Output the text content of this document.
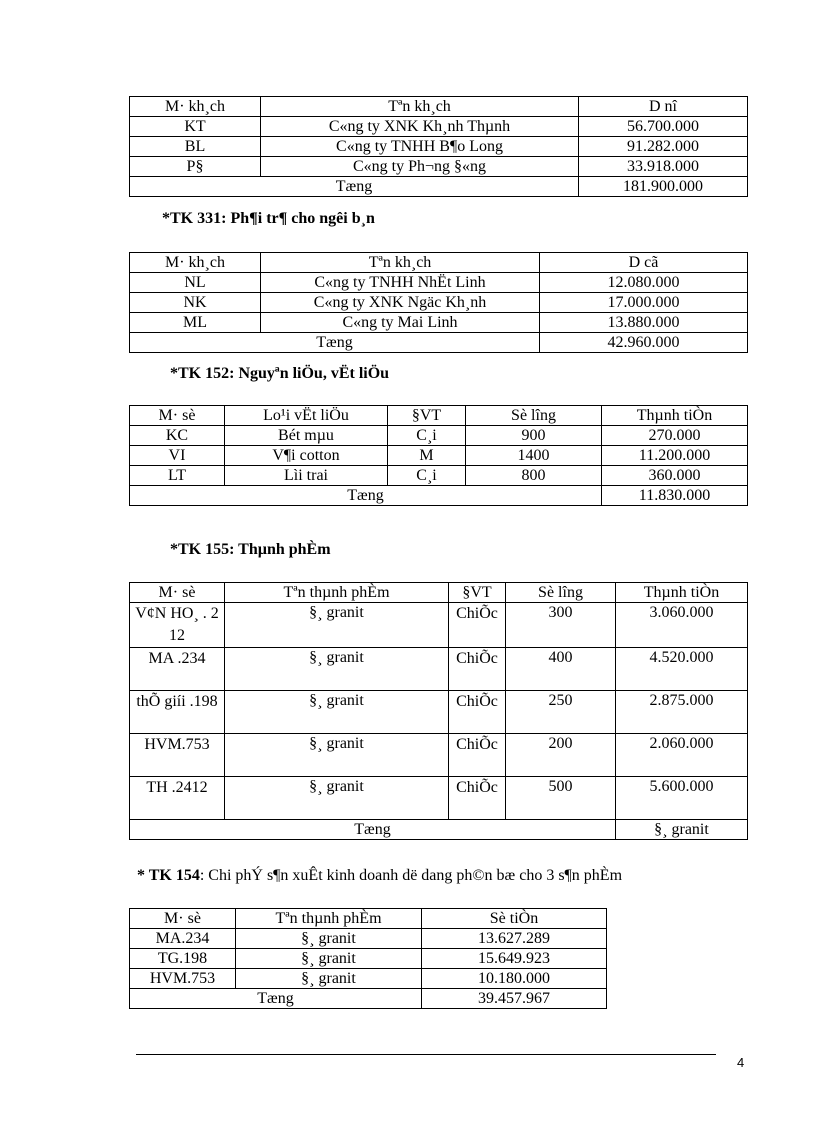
M· kh¸ch	Tªn kh¸ch	D nî
KT	C«ng ty XNK Kh¸nh Thµnh	56.700.000
BL	C«ng ty TNHH B¶o Long	91.282.000
P§	C«ng ty Ph¬ng §«ng	33.918.000
Tæng		181.900.000
*TK 331: Ph¶i tr¶ cho ngêi b¸n
M· kh¸ch	Tªn kh¸ch	D cã
NL	C«ng ty TNHH NhËt Linh	12.080.000
NK	C«ng ty XNK Ngäc Kh¸nh	17.000.000
ML	C«ng ty Mai Linh	13.880.000
Tæng		42.960.000
*TK 152: Nguyªn liÖu, vËt liÖu
M· sè	Lo¹i vËt liÖu	§VT	Sè lîng	Thµnh tiÒn
KC	Bét mµu	C¸i	900	270.000
VI	V¶i cotton	M	1400	11.200.000
LT	Lìi trai	C¸i	800	360.000
Tæng				11.830.000
*TK 155: Thµnh phÈm
M· sè	Tªn thµnh phÈm	§VT	Sè lîng	Thµnh tiÒn
V¢N HO¸ . 212	§¸ granit	ChiÕc	300	3.060.000
MA .234	§¸ granit	ChiÕc	400	4.520.000
thÕ giíi .198	§¸ granit	ChiÕc	250	2.875.000
HVM.753	§¸ granit	ChiÕc	200	2.060.000
TH .2412	§¸ granit	ChiÕc	500	5.600.000
Tæng				§¸ granit
* TK 154: Chi phÝ s¶n xuÊt kinh doanh dë dang ph©n bæ cho 3 s¶n phÈm
M· sè	Tªn thµnh phÈm	Sè tiÒn
MA.234	§¸ granit	13.627.289
TG.198	§¸ granit	15.649.923
HVM.753	§¸ granit	10.180.000
Tæng		39.457.967
4
